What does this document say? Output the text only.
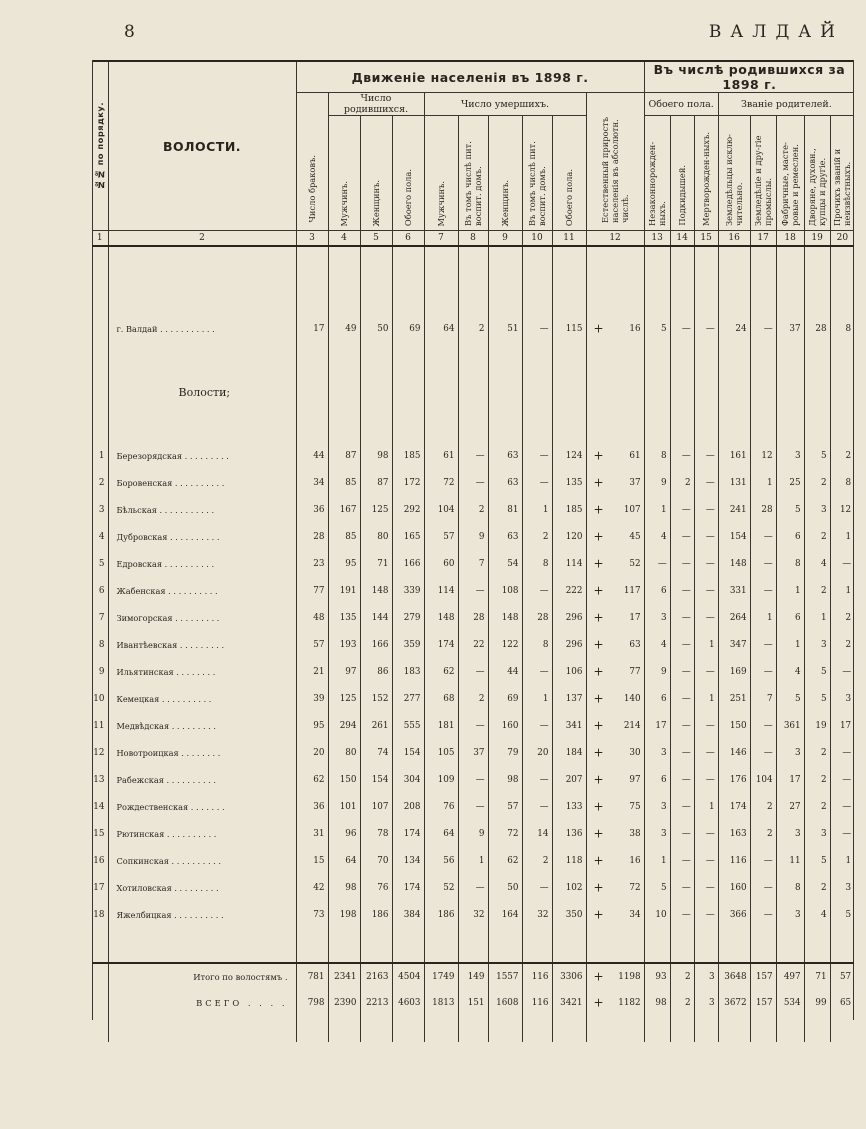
8	ВАЛДАЙ
№№ по порядку.	ВОЛОСТИ.	Движеніе населенія въ 1898 г.										Въ числѣ родившихся за 1898 г.							

		Число браковъ.	Число родившихся.			Число умершихъ.					Естественный приростъ населенія въ абсолютн. числѣ.	Обоего пола.			Званіе родителей.				

			Мужчинъ.	Женщинъ.	Обоего пола.	Мужчинъ.	Въ томъ числѣ пит. воспит. домъ.	Женщинъ.	Въ томъ числѣ пит. воспит. домъ.	Обоего пола.		Незаконнорожден-ныхъ.	Подкидышей.	Мертворожден-ныхъ.	Земледѣльцы исклю-чительно.	Земледѣліе и дру-гіе промыслы.	Фабричные, масте-ровые и ремеслен.	Дворяне, духовн., купцы и другіе.	Прочихъ званій и неизвѣстныхъ.

1	2	3	4	5	6	7	8	9	10	11	12	13	14	15	16	17	18	19	20

	г. Валдай . . . . . . . . . . .	17	49	50	69	64	2	51	—	115	+ 16	5	—	—	24	—	37	28	8

	Волости;																		

1	Березорядская . . . . . . . . .	44	87	98	185	61	—	63	—	124	+ 61	8	—	—	161	12	3	5	2
2	Боровенская . . . . . . . . . .	34	85	87	172	72	—	63	—	135	+ 37	9	2	—	131	1	25	2	8
3	Бѣльская . . . . . . . . . . .	36	167	125	292	104	2	81	1	185	+ 107	1	—	—	241	28	5	3	12
4	Дубровская . . . . . . . . . .	28	85	80	165	57	9	63	2	120	+ 45	4	—	—	154	—	6	2	1
5	Едровская . . . . . . . . . .	23	95	71	166	60	7	54	8	114	+ 52	—	—	—	148	—	8	4	—
6	Жабенская . . . . . . . . . .	77	191	148	339	114	—	108	—	222	+ 117	6	—	—	331	—	1	2	1
7	Зимогорская . . . . . . . . .	48	135	144	279	148	28	148	28	296	+ 17	3	—	—	264	1	6	1	2
8	Ивантѣевская . . . . . . . . .	57	193	166	359	174	22	122	8	296	+ 63	4	—	1	347	—	1	3	2
9	Ильятинская . . . . . . . .	21	97	86	183	62	—	44	—	106	+ 77	9	—	—	169	—	4	5	—
10	Кемецкая . . . . . . . . . .	39	125	152	277	68	2	69	1	137	+ 140	6	—	1	251	7	5	5	3
11	Медвѣдская . . . . . . . . .	95	294	261	555	181	—	160	—	341	+ 214	17	—	—	150	—	361	19	17
12	Новотроицкая . . . . . . . .	20	80	74	154	105	37	79	20	184	+ 30	3	—	—	146	—	3	2	—
13	Рабежская . . . . . . . . . .	62	150	154	304	109	—	98	—	207	+ 97	6	—	—	176	104	17	2	—
14	Рождественская . . . . . . .	36	101	107	208	76	—	57	—	133	+ 75	3	—	1	174	2	27	2	—
15	Рютинская . . . . . . . . . .	31	96	78	174	64	9	72	14	136	+ 38	3	—	—	163	2	3	3	—
16	Сопкинская . . . . . . . . . .	15	64	70	134	56	1	62	2	118	+ 16	1	—	—	116	—	11	5	1
17	Хотиловская . . . . . . . . .	42	98	76	174	52	—	50	—	102	+ 72	5	—	—	160	—	8	2	3
18	Яжелбицкая . . . . . . . . . .	73	198	186	384	186	32	164	32	350	+ 34	10	—	—	366	—	3	4	5

	Итого по волостямъ .	781	2341	2163	4504	1749	149	1557	116	3306	+ 1198	93	2	3	3648	157	497	71	57
	ВСЕГО . . . .	798	2390	2213	4603	1813	151	1608	116	3421	+ 1182	98	2	3	3672	157	534	99	65
